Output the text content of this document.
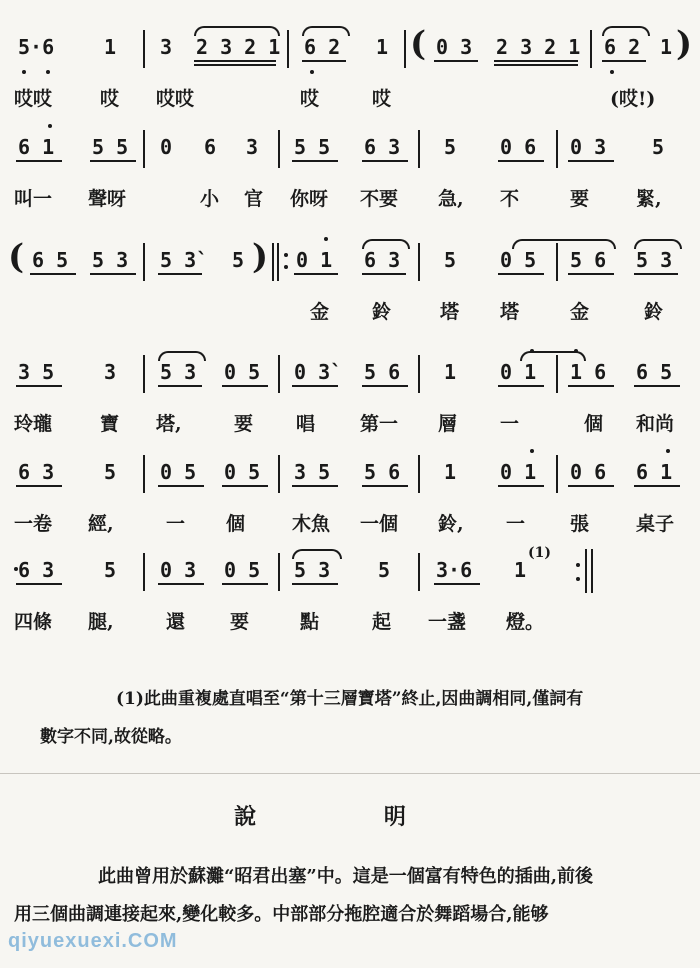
5·6 1 3 2 3 2 1 6 2 1 ( 0 3 2 3 2 1 6 2 1 )
哎哎	哎 哎哎	哎	哎	(哎!)
6 1 5 5 0 6 3 5 5 6 3 5 0 6 0 3 5
叫一 聲呀	小 官 你呀 不要 急, 不	要 緊,
( 6 5 5 3 5 3` 5 ) 0 1 6 3 5 0 5 5 6 5 3
金 鈴	塔 塔	金	鈴
3 5 3 5 3 0 5 0 3` 5 6 1 0 1 1 6 6 5
玲瓏	寶 塔,	要 唱 第一 層 一	個 和尚
6 3 5 0 5 0 5 3 5 5 6 1 0 1 0 6 6 1
一卷 經,	一 個 木魚 一個 鈴, 一 張 桌子
6 3 5 0 3 0 5 5 3 5 3·6 1
(1)
四條 腿,	還 要	點	起 一盞 燈。
(1)此曲重複處直唱至“第十三層寶塔”終止,因曲調相同,僅詞有
數字不同,故從略。
說 明
此曲曾用於蘇灘“昭君出塞”中。這是一個富有特色的插曲,前後
用三個曲調連接起來,變化較多。中部部分拖腔適合於舞蹈場合,能够
qiyuexuexi.COM
